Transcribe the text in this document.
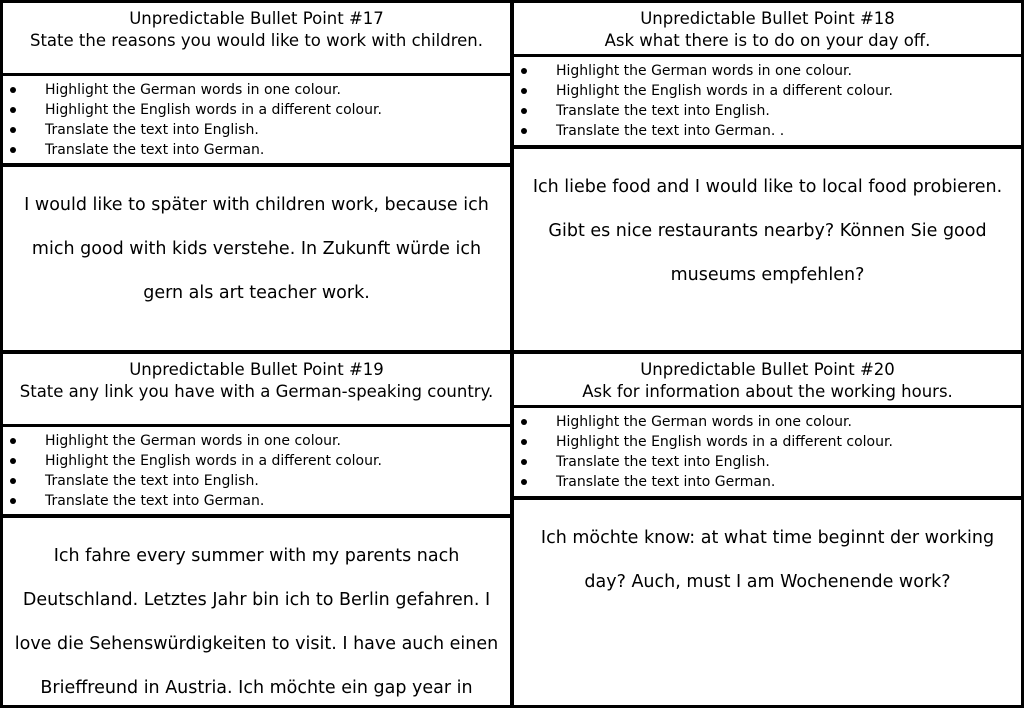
Unpredictable Bullet Point #17
State the reasons you would like to work with children.
Highlight the German words in one colour.
Highlight the English words in a different colour.
Translate the text into English.
Translate the text into German.
I would like to später with children work, because ich mich good with kids verstehe. In Zukunft würde ich gern als art teacher work.
Unpredictable Bullet Point #18
Ask what there is to do on your day off.
Highlight the German words in one colour.
Highlight the English words in a different colour.
Translate the text into English.
Translate the text into German. .
Ich liebe food and I would like to local food probieren. Gibt es nice restaurants nearby? Können Sie good museums empfehlen?
Unpredictable Bullet Point #19
State any link you have with a German-speaking country.
Highlight the German words in one colour.
Highlight the English words in a different colour.
Translate the text into English.
Translate the text into German.
Ich fahre every summer with my parents nach Deutschland. Letztes Jahr bin ich to Berlin gefahren. I love die Sehenswürdigkeiten to visit. I have auch einen Brieffreund in Austria. Ich möchte ein gap year in
Unpredictable Bullet Point #20
Ask for information about the working hours.
Highlight the German words in one colour.
Highlight the English words in a different colour.
Translate the text into English.
Translate the text into German.
Ich möchte know: at what time beginnt der working day? Auch, must I am Wochenende work?
